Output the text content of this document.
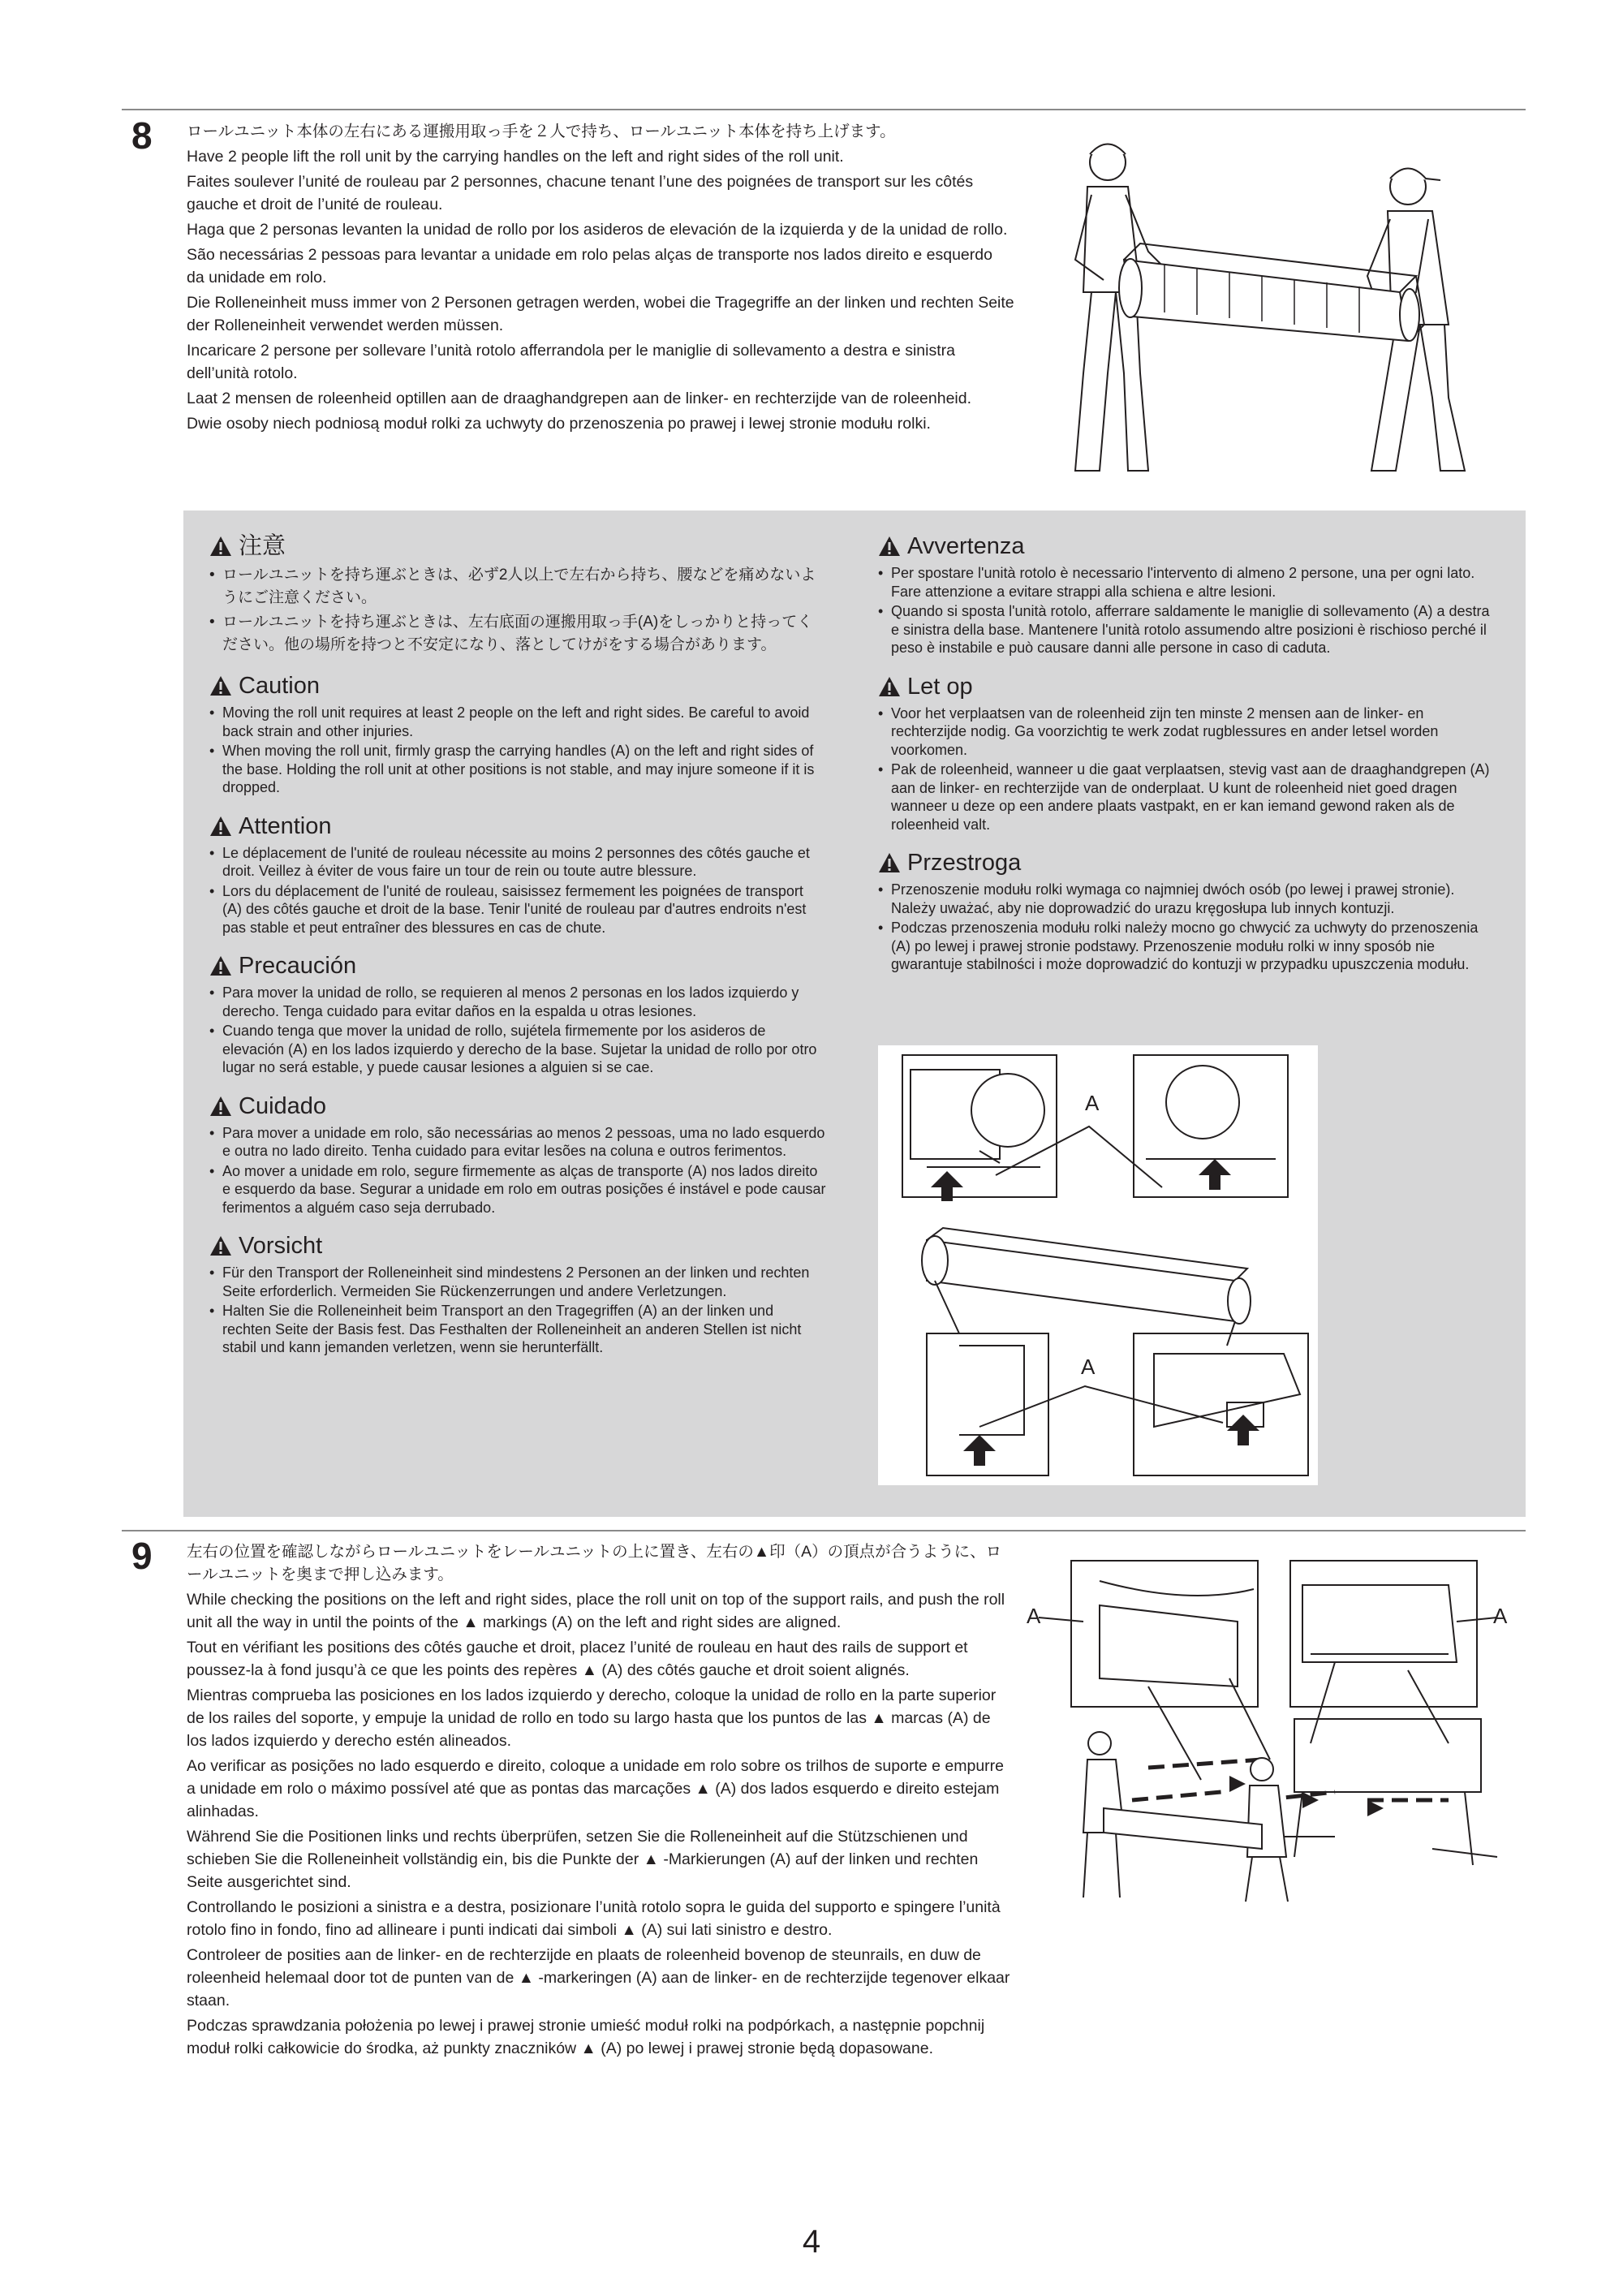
8 ロールユニット本体の左右にある運搬用取っ手を２人で持ち、ロールユニット本体を持ち上げます。

Have 2 people lift the roll unit by the carrying handles on the left and right sides of the roll unit.

Faites soulever l’unité de rouleau par 2 personnes, chacune tenant l’une des poignées de transport sur les côtés gauche et droit de l’unité de rouleau.

Haga que 2 personas levanten la unidad de rollo por los asideros de elevación de la izquierda y de la unidad de rollo.

São necessárias 2 pessoas para levantar a unidade em rolo pelas alças de transporte nos lados direito e esquerdo da unidade em rolo.

Die Rolleneinheit muss immer von 2 Personen getragen werden, wobei die Tragegriffe an der linken und rechten Seite der Rolleneinheit verwendet werden müssen.

Incaricare 2 persone per sollevare l’unità rotolo afferrandola per le maniglie di sollevamento a destra e sinistra dell’unità rotolo.

Laat 2 mensen de roleenheid optillen aan de draaghandgrepen aan de linker- en rechterzijde van de roleenheid.

Dwie osoby niech podniosą moduł rolki za uchwyty do przenoszenia po prawej i lewej stronie modułu rolki.

注意
• ロールユニットを持ち運ぶときは、必ず2人以上で左右から持ち、腰などを痛めないようにご注意ください。
• ロールユニットを持ち運ぶときは、左右底面の運搬用取っ手(A)をしっかりと持ってください。他の場所を持つと不安定になり、落としてけがをする場合があります。
Caution
• Moving the roll unit requires at least 2 people on the left and right sides. Be careful to avoid back strain and other injuries.
• When moving the roll unit, firmly grasp the carrying handles (A) on the left and right sides of the base. Holding the roll unit at other positions is not stable, and may injure someone if it is dropped.
Attention
• Le déplacement de l'unité de rouleau nécessite au moins 2 personnes des côtés gauche et droit. Veillez à éviter de vous faire un tour de rein ou toute autre blessure.
• Lors du déplacement de l'unité de rouleau, saisissez fermement les poignées de transport (A) des côtés gauche et droit de la base. Tenir l'unité de rouleau par d'autres endroits n'est pas stable et peut entraîner des blessures en cas de chute.
Precaución
• Para mover la unidad de rollo, se requieren al menos 2 personas en los lados izquierdo y derecho. Tenga cuidado para evitar daños en la espalda u otras lesiones.
• Cuando tenga que mover la unidad de rollo, sujétela firmemente por los asideros de elevación (A) en los lados izquierdo y derecho de la base. Sujetar la unidad de rollo por otro lugar no será estable, y puede causar lesiones a alguien si se cae.
Cuidado
• Para mover a unidade em rolo, são necessárias ao menos 2 pessoas, uma no lado esquerdo e outra no lado direito. Tenha cuidado para evitar lesões na coluna e outros ferimentos.
• Ao mover a unidade em rolo, segure firmemente as alças de transporte (A) nos lados direito e esquerdo da base. Segurar a unidade em rolo em outras posições é instável e pode causar ferimentos a alguém caso seja derrubado.
Vorsicht
• Für den Transport der Rolleneinheit sind mindestens 2 Personen an der linken und rechten Seite erforderlich. Vermeiden Sie Rückenzerrungen und andere Verletzungen.
• Halten Sie die Rolleneinheit beim Transport an den Tragegriffen (A) an der linken und rechten Seite der Basis fest. Das Festhalten der Rolleneinheit an anderen Stellen ist nicht stabil und kann jemanden verletzen, wenn sie herunterfällt.
Avvertenza
• Per spostare l'unità rotolo è necessario l'intervento di almeno 2 persone, una per ogni lato. Fare attenzione a evitare strappi alla schiena e altre lesioni.
• Quando si sposta l'unità rotolo, afferrare saldamente le maniglie di sollevamento (A) a destra e sinistra della base. Mantenere l'unità rotolo assumendo altre posizioni è rischioso perché il peso è instabile e può causare danni alle persone in caso di caduta.
Let op
• Voor het verplaatsen van de roleenheid zijn ten minste 2 mensen aan de linker- en rechterzijde nodig. Ga voorzichtig te werk zodat rugblessures en ander letsel worden voorkomen.
• Pak de roleenheid, wanneer u die gaat verplaatsen, stevig vast aan de draaghandgrepen (A) aan de linker- en rechterzijde van de onderplaat. U kunt de roleenheid niet goed dragen wanneer u deze op een andere plaats vastpakt, en er kan iemand gewond raken als de roleenheid valt.
Przestroga
• Przenoszenie modułu rolki wymaga co najmniej dwóch osób (po lewej i prawej stronie). Należy uważać, aby nie doprowadzić do urazu kręgosłupa lub innych kontuzji.
• Podczas przenoszenia modułu rolki należy mocno go chwycić za uchwyty do przenoszenia (A) po lewej i prawej stronie podstawy. Przenoszenie modułu rolki w inny sposób nie gwarantuje stabilności i może doprowadzić do kontuzji w przypadku upuszczenia modułu.
A
A
9 左右の位置を確認しながらロールユニットをレールユニットの上に置き、左右の▲印（A）の頂点が合うように、ロールユニットを奥まで押し込みます。

While checking the positions on the left and right sides, place the roll unit on top of the support rails, and push the roll unit all the way in until the points of the ▲ markings (A) on the left and right sides are aligned.

Tout en vérifiant les positions des côtés gauche et droit, placez l’unité de rouleau en haut des rails de support et poussez-la à fond jusqu’à ce que les points des repères ▲ (A) des côtés gauche et droit soient alignés.

Mientras comprueba las posiciones en los lados izquierdo y derecho, coloque la unidad de rollo en la parte superior de los railes del soporte, y empuje la unidad de rollo en todo su largo hasta que los puntos de las ▲ marcas (A) de los lados izquierdo y derecho estén alineados.

Ao verificar as posições no lado esquerdo e direito, coloque a unidade em rolo sobre os trilhos de suporte e empurre a unidade em rolo o máximo possível até que as pontas das marcações ▲ (A) dos lados esquerdo e direito estejam alinhadas.

Während Sie die Positionen links und rechts überprüfen, setzen Sie die Rolleneinheit auf die Stützschienen und schieben Sie die Rolleneinheit vollständig ein, bis die Punkte der ▲ -Markierungen (A) auf der linken und rechten Seite ausgerichtet sind.

Controllando le posizioni a sinistra e a destra, posizionare l’unità rotolo sopra le guida del supporto e spingere l’unità rotolo fino in fondo, fino ad allineare i punti indicati dai simboli ▲ (A) sui lati sinistro e destro.

Controleer de posities aan de linker- en de rechterzijde en plaats de roleenheid bovenop de steunrails, en duw de roleenheid helemaal door tot de punten van de ▲ -markeringen (A) aan de linker- en de rechterzijde tegenover elkaar staan.

Podczas sprawdzania położenia po lewej i prawej stronie umieść moduł rolki na podpórkach, a następnie popchnij moduł rolki całkowicie do środka, aż punkty znaczników ▲ (A) po lewej i prawej stronie będą dopasowane.

A	A
4
